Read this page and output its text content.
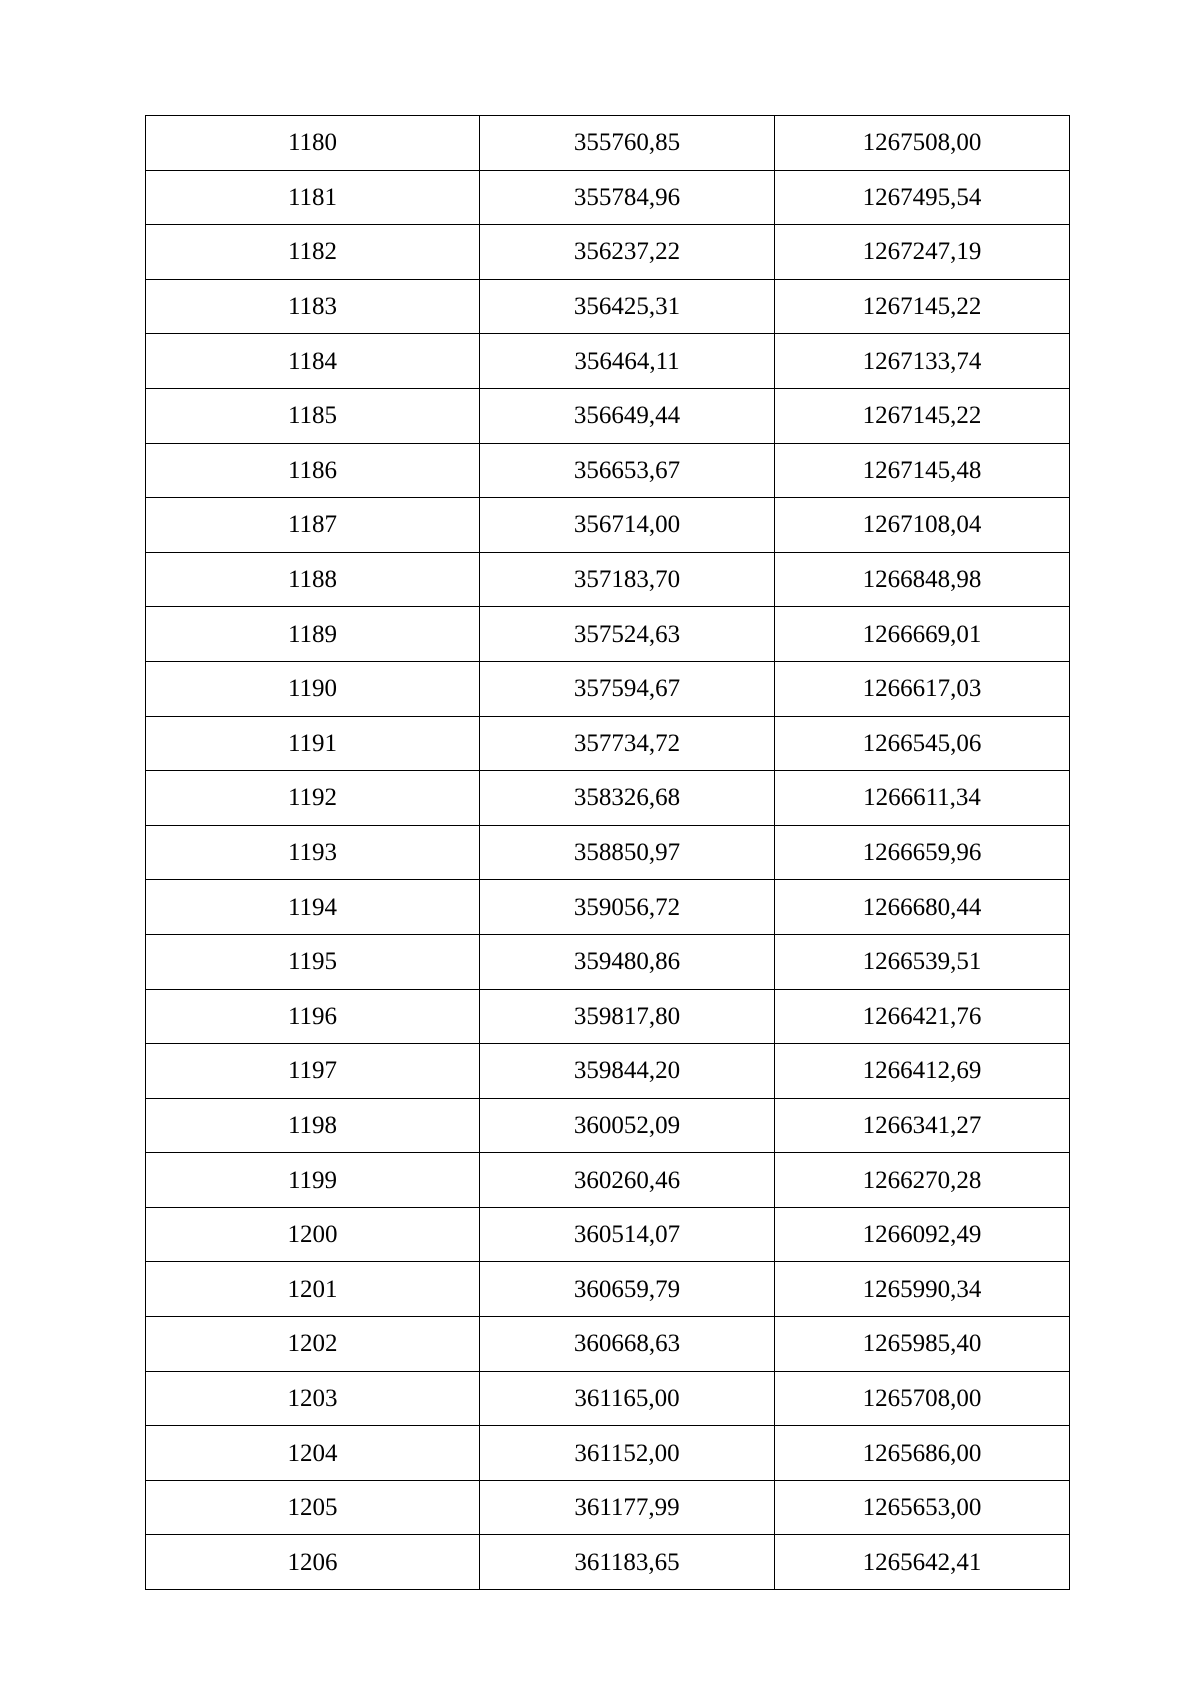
1180	355760,85	1267508,00
1181	355784,96	1267495,54
1182	356237,22	1267247,19
1183	356425,31	1267145,22
1184	356464,11	1267133,74
1185	356649,44	1267145,22
1186	356653,67	1267145,48
1187	356714,00	1267108,04
1188	357183,70	1266848,98
1189	357524,63	1266669,01
1190	357594,67	1266617,03
1191	357734,72	1266545,06
1192	358326,68	1266611,34
1193	358850,97	1266659,96
1194	359056,72	1266680,44
1195	359480,86	1266539,51
1196	359817,80	1266421,76
1197	359844,20	1266412,69
1198	360052,09	1266341,27
1199	360260,46	1266270,28
1200	360514,07	1266092,49
1201	360659,79	1265990,34
1202	360668,63	1265985,40
1203	361165,00	1265708,00
1204	361152,00	1265686,00
1205	361177,99	1265653,00
1206	361183,65	1265642,41
